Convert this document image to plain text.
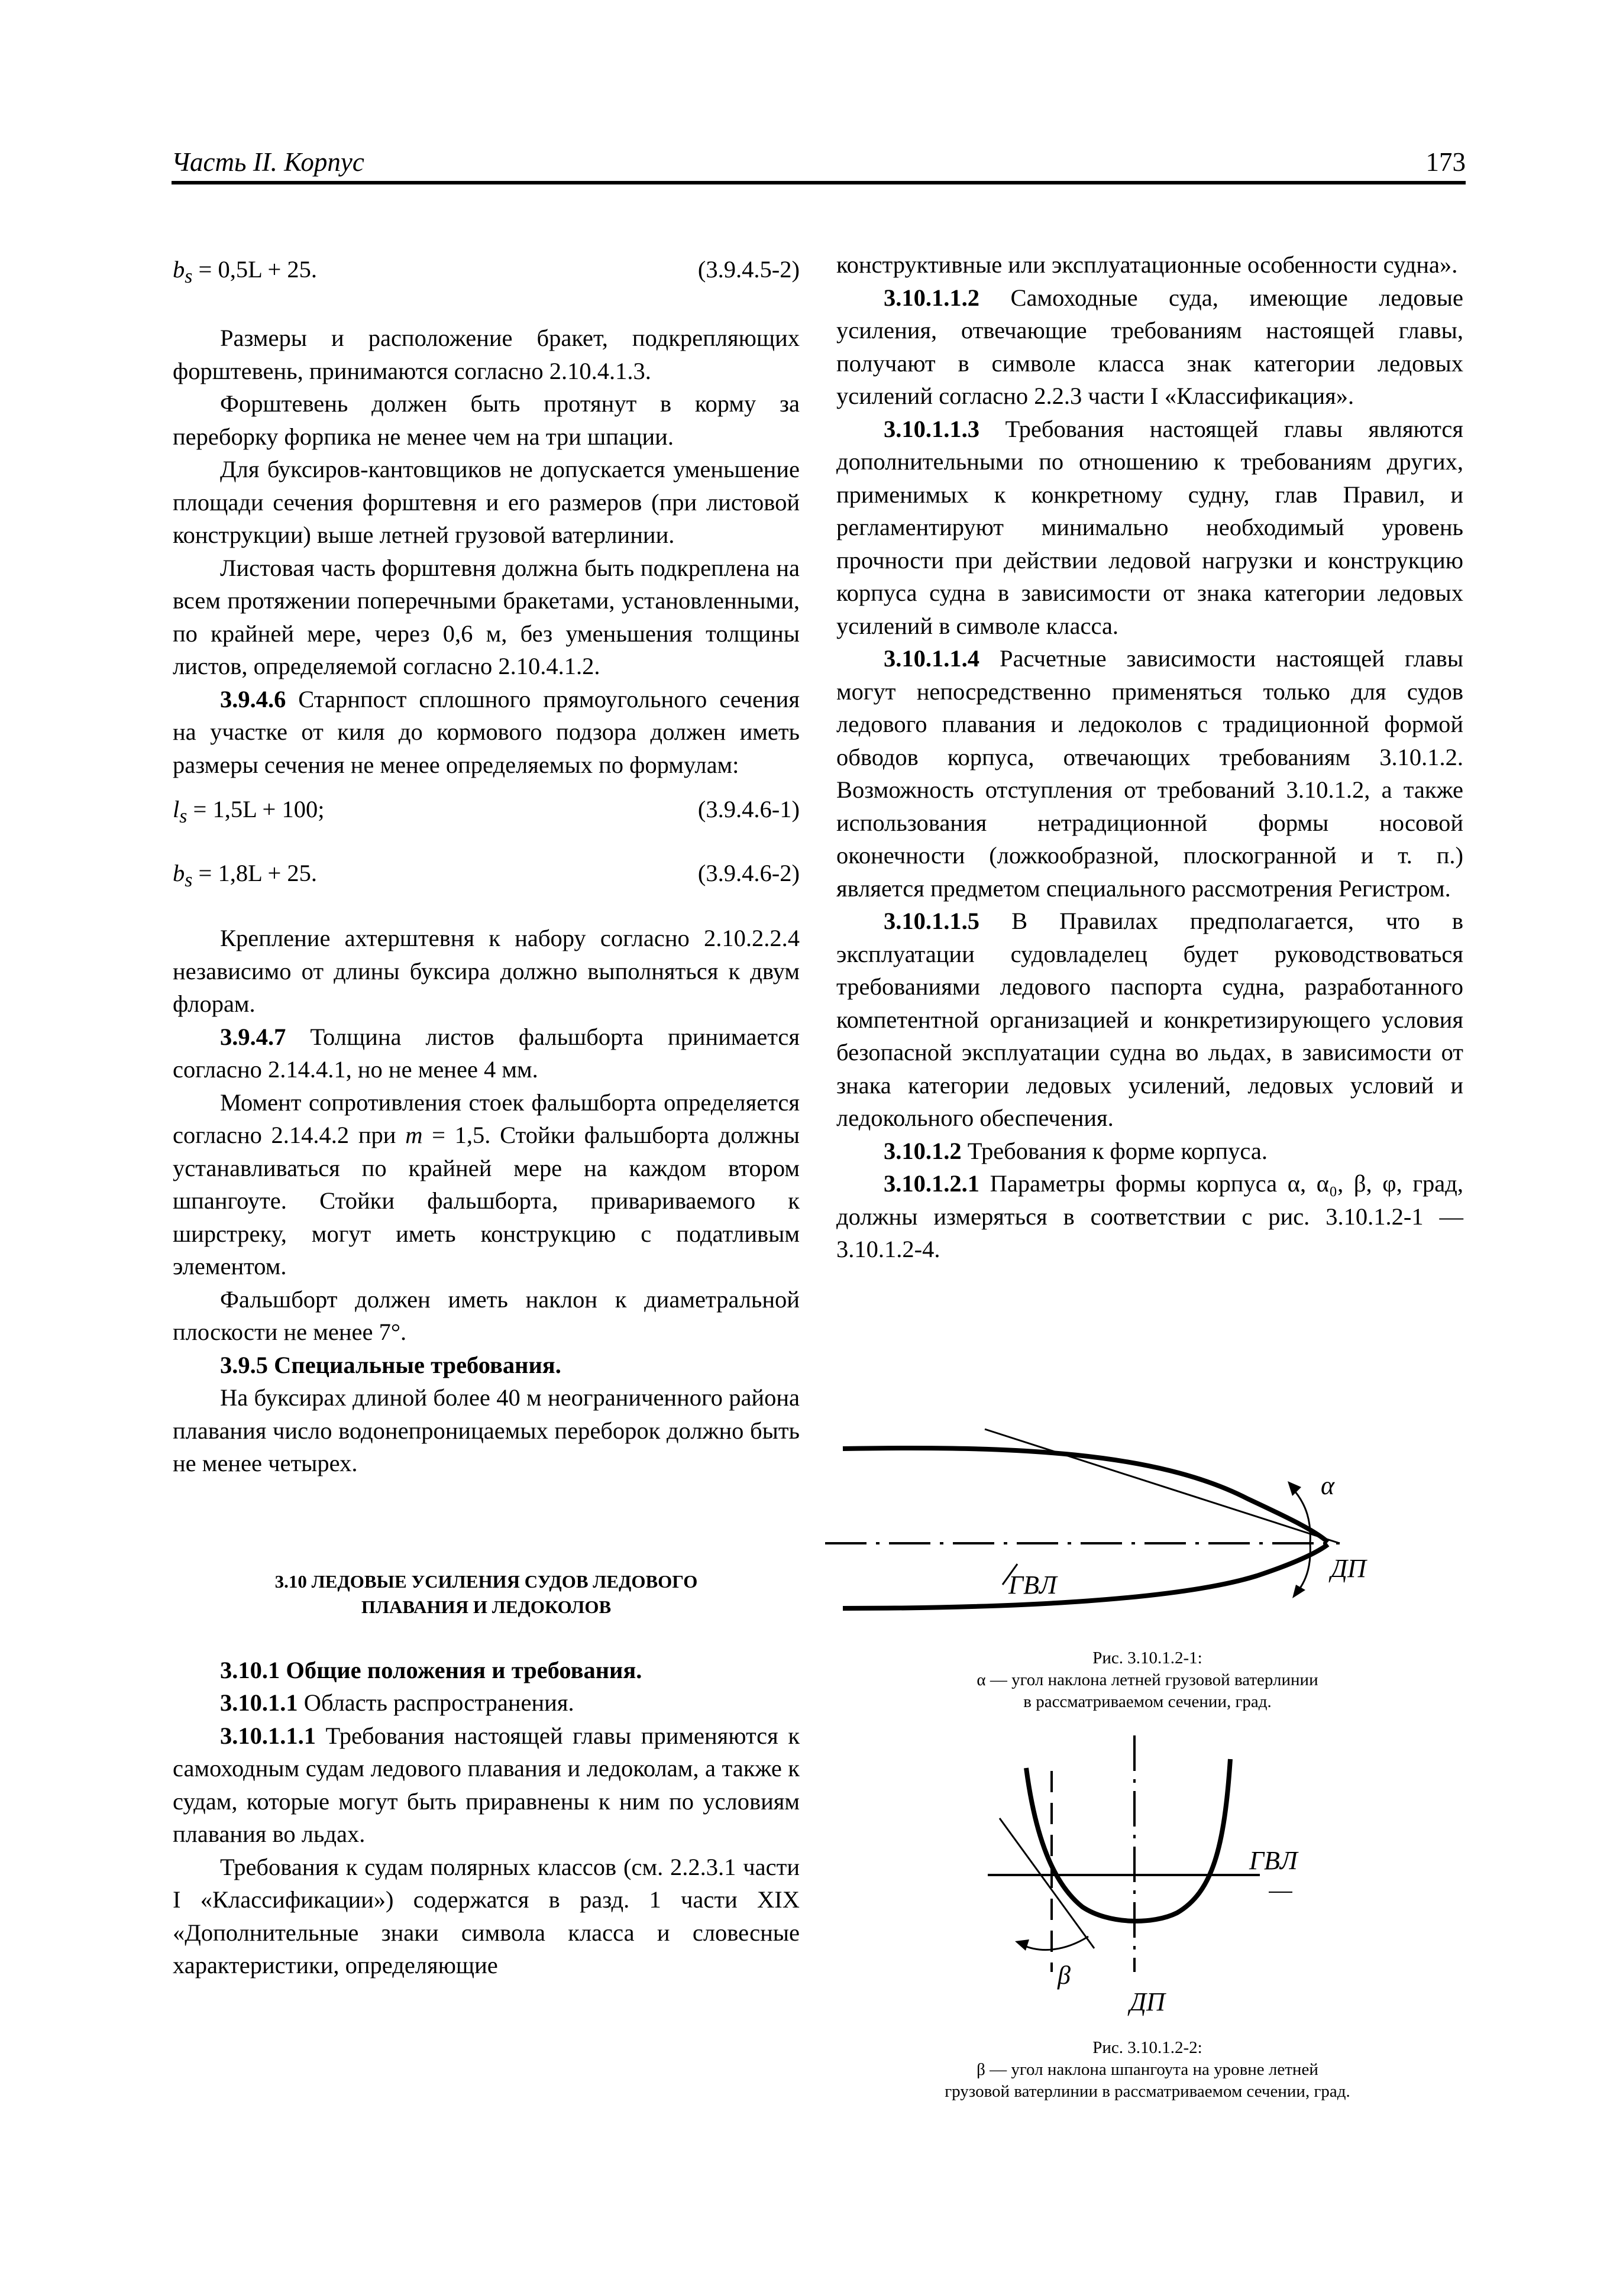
Часть II. Корпус	173
$b_s = 0,5L + 25$.	(3.9.4.5-2)

Размеры и расположение бракет, подкрепляющих форштевень, принимаются согласно 2.10.4.1.3.

Форштевень должен быть протянут в корму за переборку форпика не менее чем на три шпации.

Для буксиров-кантовщиков не допускается уменьшение площади сечения форштевня и его размеров (при листовой конструкции) выше летней грузовой ватерлинии.

Листовая часть форштевня должна быть подкреплена на всем протяжении поперечными бракетами, установленными, по крайней мере, через 0,6 м, без уменьшения толщины листов, определяемой согласно 2.10.4.1.2.

3.9.4.6 Старнпост сплошного прямоугольного сечения на участке от киля до кормового подзора должен иметь размеры сечения не менее определяемых по формулам:

$l_s = 1,5L + 100$;	(3.9.4.6-1)
$b_s = 1,8L + 25$.	(3.9.4.6-2)

Крепление ахтерштевня к набору согласно 2.10.2.2.4 независимо от длины буксира должно выполняться к двум флорам.

3.9.4.7 Толщина листов фальшборта принимается согласно 2.14.4.1, но не менее 4 мм.

Момент сопротивления стоек фальшборта определяется согласно 2.14.4.2 при m = 1,5. Стойки фальшборта должны устанавливаться по крайней мере на каждом втором шпангоуте. Стойки фальшборта, привариваемого к ширстреку, могут иметь конструкцию с податливым элементом.

Фальшборт должен иметь наклон к диаметральной плоскости не менее 7°.

3.9.5 Специальные требования.

На буксирах длиной более 40 м неограниченного района плавания число водонепроницаемых переборок должно быть не менее четырех.

3.10 ЛЕДОВЫЕ УСИЛЕНИЯ СУДОВ ЛЕДОВОГО
ПЛАВАНИЯ И ЛЕДОКОЛОВ

3.10.1 Общие положения и требования.

3.10.1.1 Область распространения.

3.10.1.1.1 Требования настоящей главы применяются к самоходным судам ледового плавания и ледоколам, а также к судам, которые могут быть приравнены к ним по условиям плавания во льдах.

Требования к судам полярных классов (см. 2.2.3.1 части I «Классификации») содержатся в разд. 1 части XIX «Дополнительные знаки символа класса и словесные характеристики, определяющие

конструктивные или эксплуатационные особенности судна».

3.10.1.1.2 Самоходные суда, имеющие ледовые усиления, отвечающие требованиям настоящей главы, получают в символе класса знак категории ледовых усилений согласно 2.2.3 части I «Классификация».

3.10.1.1.3 Требования настоящей главы являются дополнительными по отношению к требованиям других, применимых к конкретному судну, глав Правил, и регламентируют минимально необходимый уровень прочности при действии ледовой нагрузки и конструкцию корпуса судна в зависимости от знака категории ледовых усилений в символе класса.

3.10.1.1.4 Расчетные зависимости настоящей главы могут непосредственно применяться только для судов ледового плавания и ледоколов с традиционной формой обводов корпуса, отвечающих требованиям 3.10.1.2. Возможность отступления от требований 3.10.1.2, а также использования нетрадиционной формы носовой оконечности (ложкообразной, плоскогранной и т. п.) является предметом специального рассмотрения Регистром.

3.10.1.1.5 В Правилах предполагается, что в эксплуатации судовладелец будет руководствоваться требованиями ледового паспорта судна, разработанного компетентной организацией и конкретизирующего условия безопасной эксплуатации судна во льдах, в зависимости от знака категории ледовых усилений, ледовых условий и ледокольного обеспечения.

3.10.1.2 Требования к форме корпуса.

3.10.1.2.1 Параметры формы корпуса α, α₀, β, φ, град, должны измеряться в соответствии с рис. 3.10.1.2-1 — 3.10.1.2-4.

α
ДП
ГВЛ
Рис. 3.10.1.2-1:
α — угол наклона летней грузовой ватерлинии
в рассматриваемом сечении, град.
ГВЛ
β
ДП
Рис. 3.10.1.2-2:
β — угол наклона шпангоута на уровне летней
грузовой ватерлинии в рассматриваемом сечении, град.
